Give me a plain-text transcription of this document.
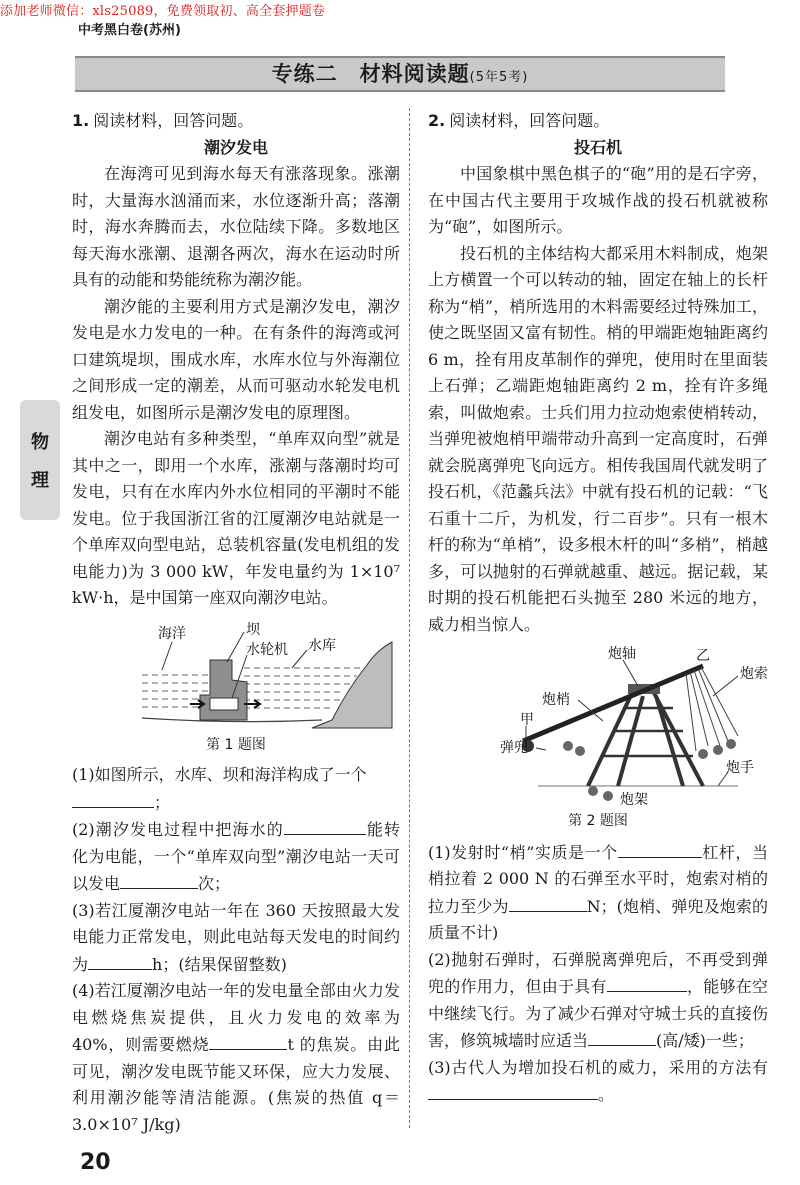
添加老师微信：xls25089，免费领取初、高全套押题卷
中考黑白卷(苏州)
专练二　材料阅读题(5年5考)
物
理

1. 阅读材料，回答问题。

潮汐发电

在海湾可见到海水每天有涨落现象。涨潮时，大量海水汹涌而来，水位逐渐升高；落潮时，海水奔腾而去，水位陆续下降。多数地区每天海水涨潮、退潮各两次，海水在运动时所具有的动能和势能统称为潮汐能。

潮汐能的主要利用方式是潮汐发电，潮汐发电是水力发电的一种。在有条件的海湾或河口建筑堤坝，围成水库，水库水位与外海潮位之间形成一定的潮差，从而可驱动水轮发电机组发电，如图所示是潮汐发电的原理图。

潮汐电站有多种类型，“单库双向型”就是其中之一，即用一个水库，涨潮与落潮时均可发电，只有在水库内外水位相同的平潮时不能发电。位于我国浙江省的江厦潮汐电站就是一个单库双向型电站，总装机容量(发电机组的发电能力)为 3 000 kW，年发电量约为 1×10⁷ kW·h，是中国第一座双向潮汐电站。

海洋	坝
水轮机 水库
第 1 题图

(1)如图所示，水库、坝和海洋构成了一个
；

(2)潮汐发电过程中把海水的	能转化为电能，一个“单库双向型”潮汐电站一天可以发电	次；

(3)若江厦潮汐电站一年在 360 天按照最大发电能力正常发电，则此电站每天发电的时间约为	h；(结果保留整数)

(4)若江厦潮汐电站一年的发电量全部由火力发电燃烧焦炭提供，且火力发电的效率为 40%，则需要燃烧	t 的焦炭。由此可见，潮汐发电既节能又环保，应大力发展、利用潮汐能等清洁能源。(焦炭的热值 q＝3.0×10⁷ J/kg)

2. 阅读材料，回答问题。

投石机

中国象棋中黑色棋子的“砲”用的是石字旁，在中国古代主要用于攻城作战的投石机就被称为“砲”，如图所示。

投石机的主体结构大都采用木料制成，炮架上方横置一个可以转动的轴，固定在轴上的长杆称为“梢”，梢所选用的木料需要经过特殊加工，使之既坚固又富有韧性。梢的甲端距炮轴距离约 6 m，拴有用皮革制作的弹兜，使用时在里面装上石弹；乙端距炮轴距离约 2 m，拴有许多绳索，叫做炮索。士兵们用力拉动炮索使梢转动，当弹兜被炮梢甲端带动升高到一定高度时，石弹就会脱离弹兜飞向远方。相传我国周代就发明了投石机，《范蠡兵法》中就有投石机的记载：“飞石重十二斤，为机发，行二百步”。只有一根木杆的称为“单梢”，设多根木杆的叫“多梢”，梢越多，可以抛射的石弹就越重、越远。据记载，某时期的投石机能把石头抛至 280 米远的地方，威力相当惊人。

炮轴	乙
炮索
炮梢
甲
弹兜
炮架
炮手
第 2 题图

(1)发射时“梢”实质是一个	杠杆，当梢拉着 2 000 N 的石弹至水平时，炮索对梢的拉力至少为	N；(炮梢、弹兜及炮索的质量不计)

(2)抛射石弹时，石弹脱离弹兜后，不再受到弹兜的作用力，但由于具有	，能够在空中继续飞行。为了减少石弹对守城士兵的直接伤害，修筑城墙时应适当	(高/矮)一些；

(3)古代人为增加投石机的威力，采用的方法有。

20
